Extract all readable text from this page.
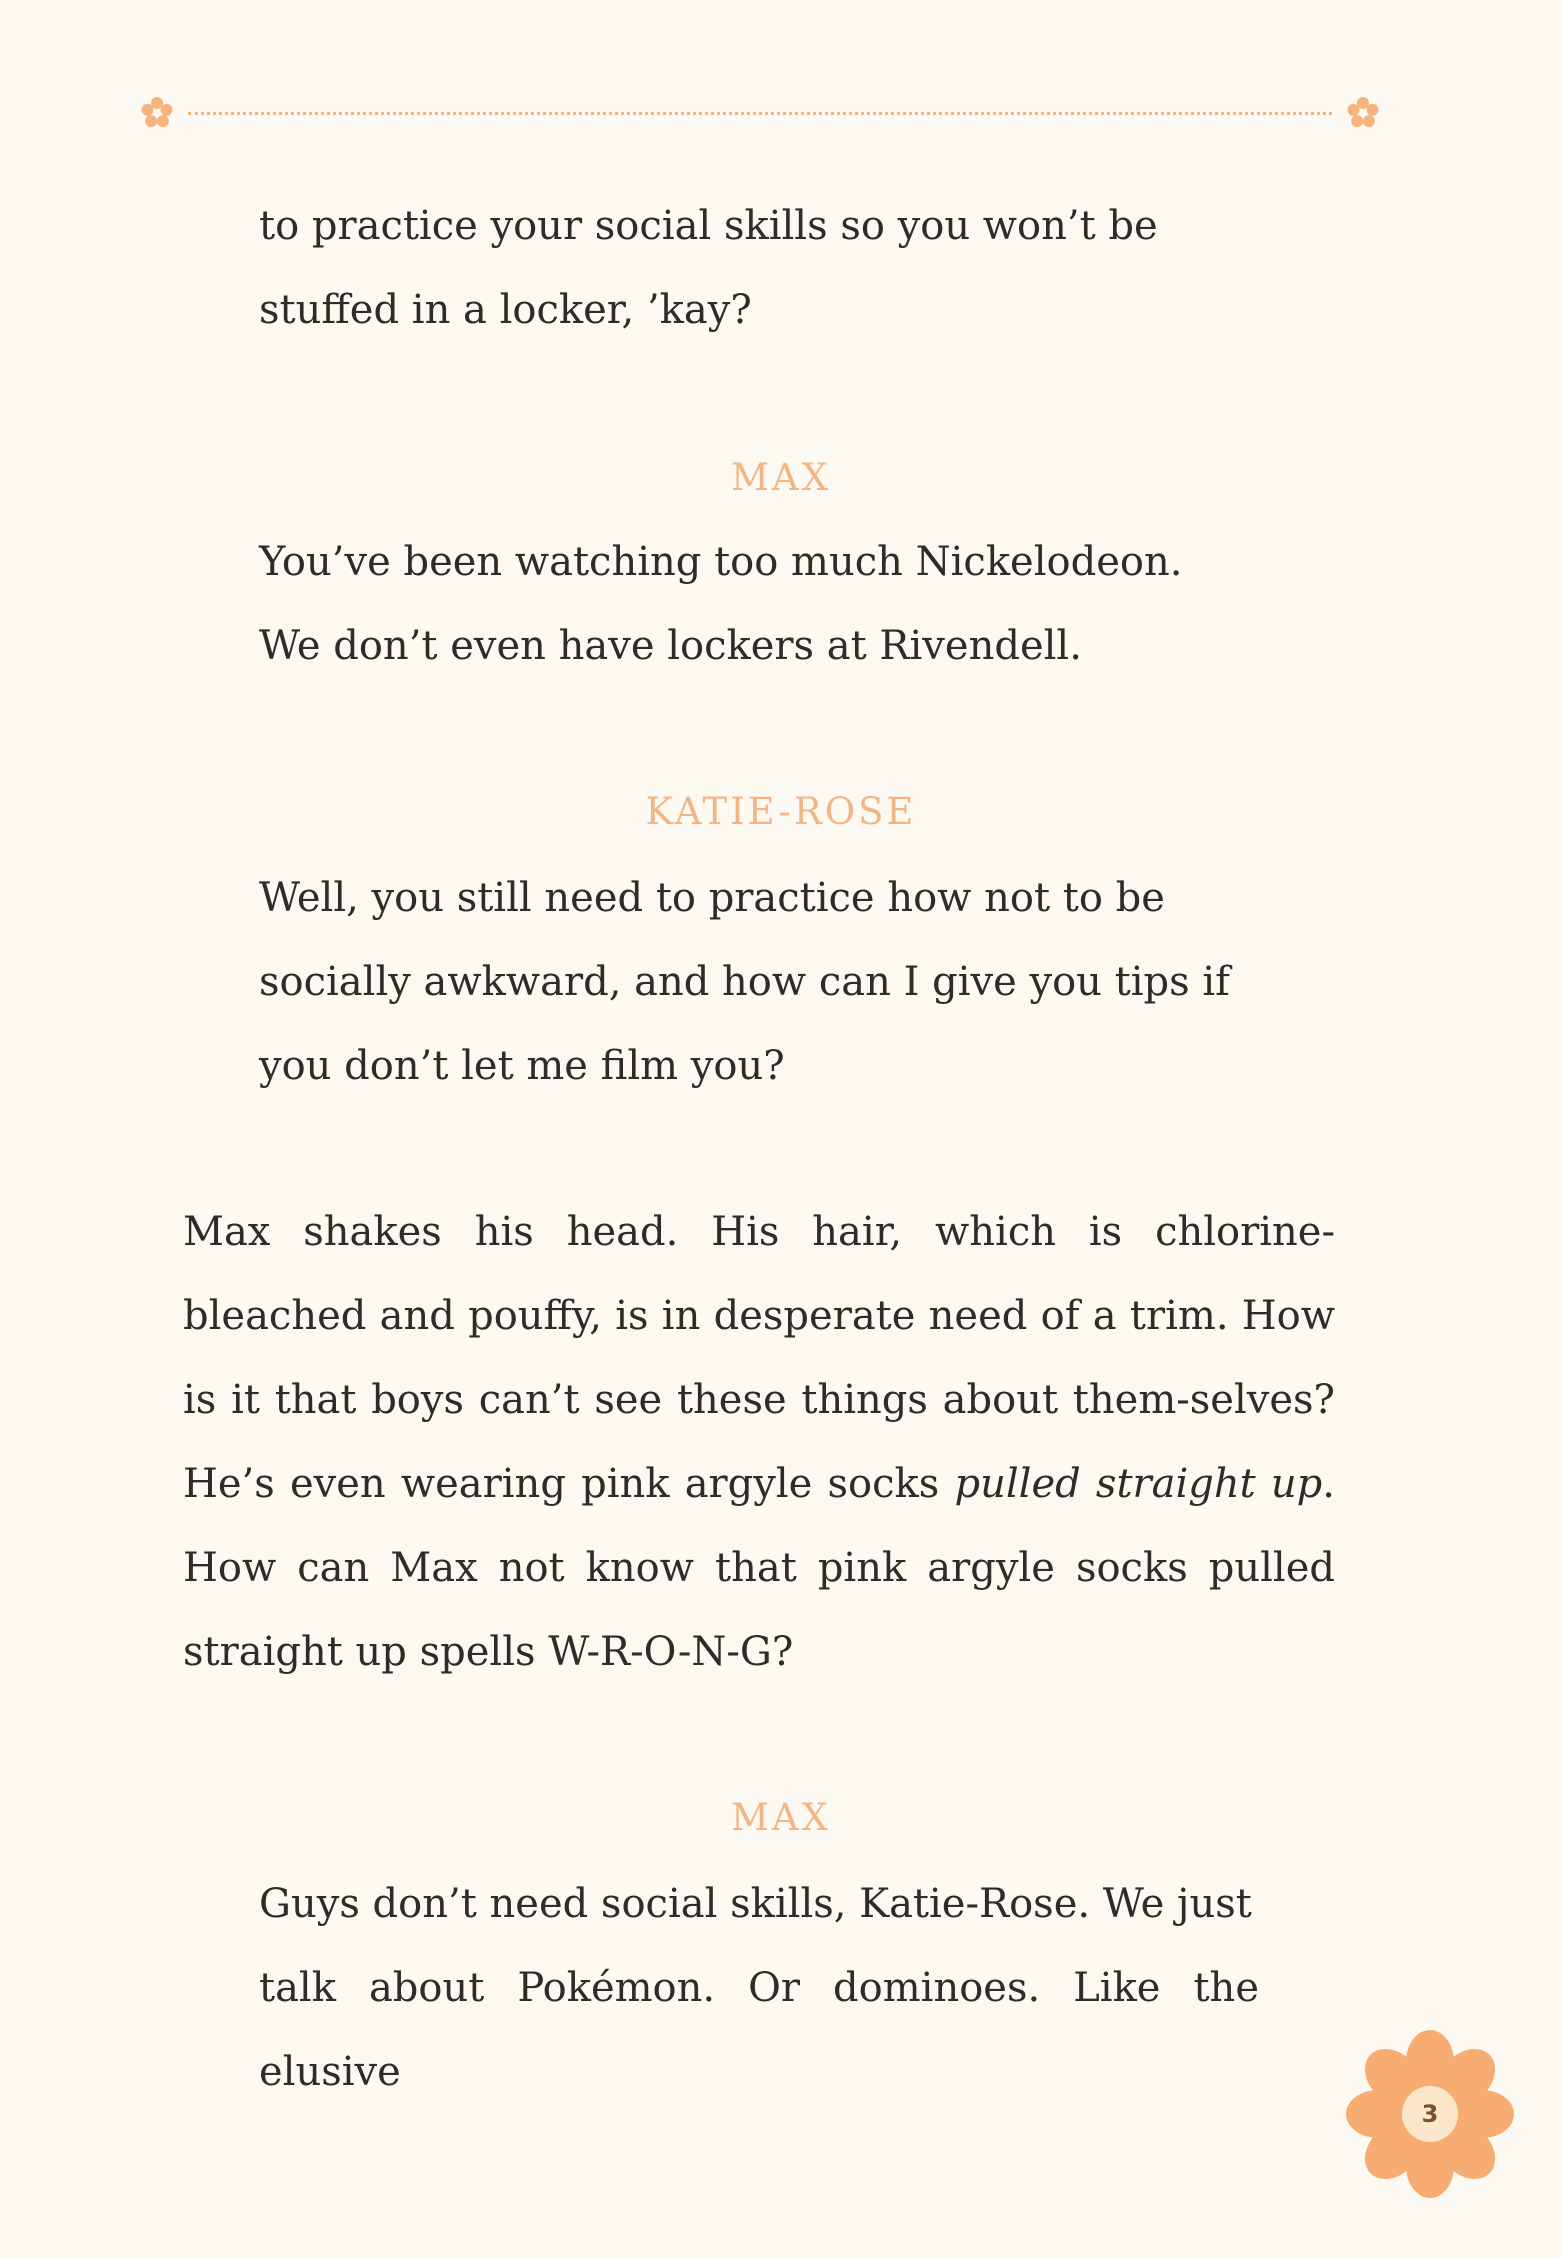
to practice your social skills so you won’t be

stuffed in a locker, ’kay?

MAX

You’ve been watching too much Nickelodeon.

We don’t even have lockers at Rivendell.

KATIE-ROSE

Well, you still need to practice how not to be

socially awkward, and how can I give you tips if

you don’t let me film you?

Max shakes his head. His hair, which is chlorine-bleached and pouffy, is in desperate need of a trim. How is it that boys can’t see these things about them-selves? He’s even wearing pink argyle socks pulled straight up. How can Max not know that pink argyle socks pulled straight up spells W-R-O-N-G?

MAX

Guys don’t need social skills, Katie-Rose. We just

talk about Pokémon. Or dominoes. Like the elusive

3
